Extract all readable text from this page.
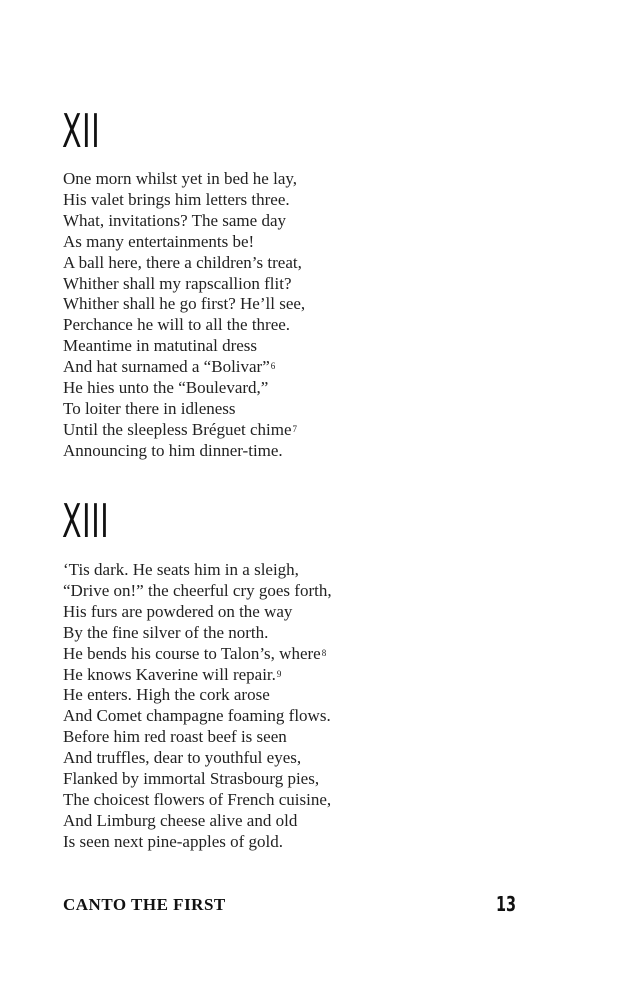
XII
One morn whilst yet in bed he lay,
His valet brings him letters three.
What, invitations? The same day
As many entertainments be!
A ball here, there a children’s treat,
Whither shall my rapscallion flit?
Whither shall he go first? He’ll see,
Perchance he will to all the three.
Meantime in matutinal dress
And hat surnamed a “Bolivar”$^6$
He hies unto the “Boulevard,”
To loiter there in idleness
Until the sleepless Bréguet chime$^7$
Announcing to him dinner-time.
XIII
‘Tis dark. He seats him in a sleigh,
“Drive on!” the cheerful cry goes forth,
His furs are powdered on the way
By the fine silver of the north.
He bends his course to Talon’s, where$^8$
He knows Kaverine will repair.$^9$
He enters. High the cork arose
And Comet champagne foaming flows.
Before him red roast beef is seen
And truffles, dear to youthful eyes,
Flanked by immortal Strasbourg pies,
The choicest flowers of French cuisine,
And Limburg cheese alive and old
Is seen next pine-apples of gold.
CANTO THE FIRST	13
